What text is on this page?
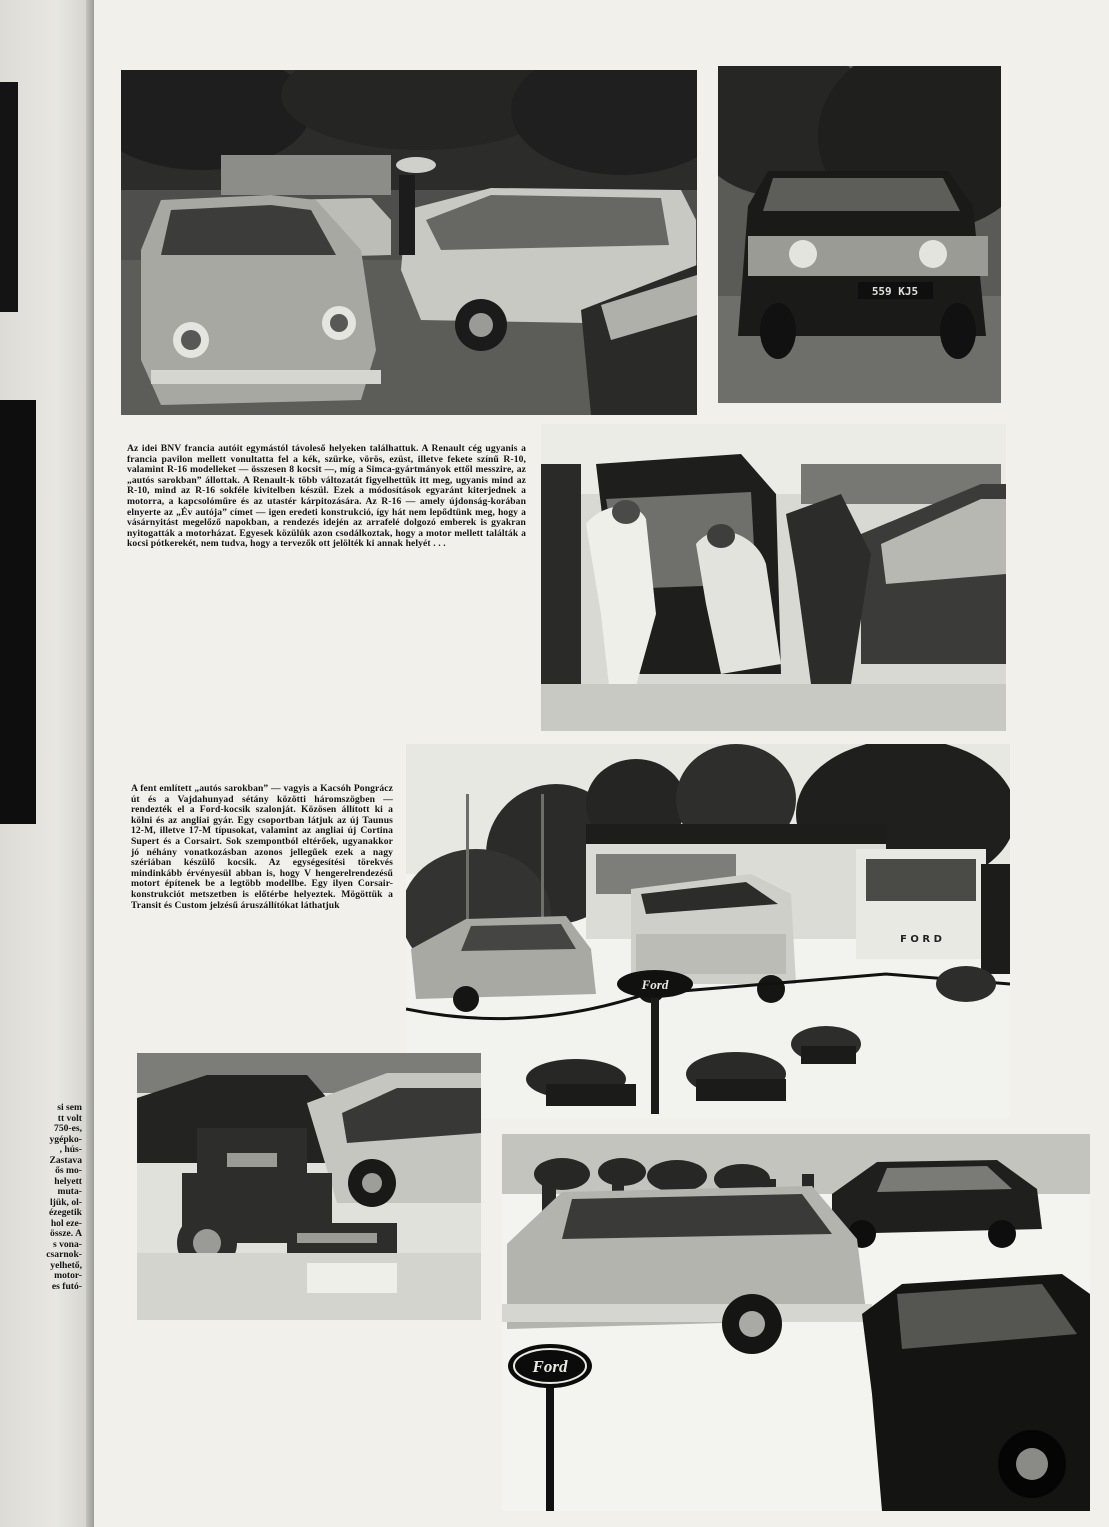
si sem
tt volt
750-es,
ygépko-
, hús-
Zastava
ős mo-
helyett
muta-
ljük, ol-
ézegetik
hol eze-
össze. A
s vona-
csarnok-
yelhető,
motor-
es futó-
559 KJ5
Az idei BNV francia autóit egymástól távoleső helyeken találhattuk. A Renault cég ugyanis a francia pavilon mellett vonultatta fel a kék, szürke, vörös, ezüst, illetve fekete színű R-10, valamint R-16 modelleket — összesen 8 kocsit —, míg a Simca-gyártmányok ettől messzire, az „autós sarokban” állottak. A Renault-k több változatát figyelhettük itt meg, ugyanis mind az R-10, mind az R-16 sokféle kivitelben készül. Ezek a módosítások egyaránt kiterjednek a motorra, a kapcsolóműre és az utastér kárpitozására. Az R-16 — amely újdonság-korában elnyerte az „Év autója” címet — igen eredeti konstrukció, így hát nem lepődtünk meg, hogy a vásárnyitást megelőző napokban, a rendezés idején az arrafelé dolgozó emberek is gyakran nyitogatták a motorházat. Egyesek közülük azon csodálkoztak, hogy a motor mellett találták a kocsi pótkerekét, nem tudva, hogy a tervezők ott jelölték ki annak helyét . . .
A fent említett „autós sarokban” — vagyis a Kacsóh Pongrácz út és a Vajdahunyad sétány közötti háromszögben — rendezték el a Ford-kocsik szalonját. Közösen állított ki a kölni és az angliai gyár. Egy csoportban látjuk az új Taunus 12-M, illetve 17-M típusokat, valamint az angliai új Cortina Supert és a Corsairt. Sok szempontból eltérőek, ugyanakkor jó néhány vonatkozásban azonos jellegűek ezek a nagy szériában készülő kocsik. Az egységesítési törekvés mindinkább érvényesül abban is, hogy V hengerelrendezésű motort építenek be a legtöbb modellbe. Egy ilyen Corsair-konstrukciót metszetben is előtérbe helyeztek. Mögöttük a Transit és Custom jelzésű áruszállítókat láthatjuk
F O R D
Ford
Ford
